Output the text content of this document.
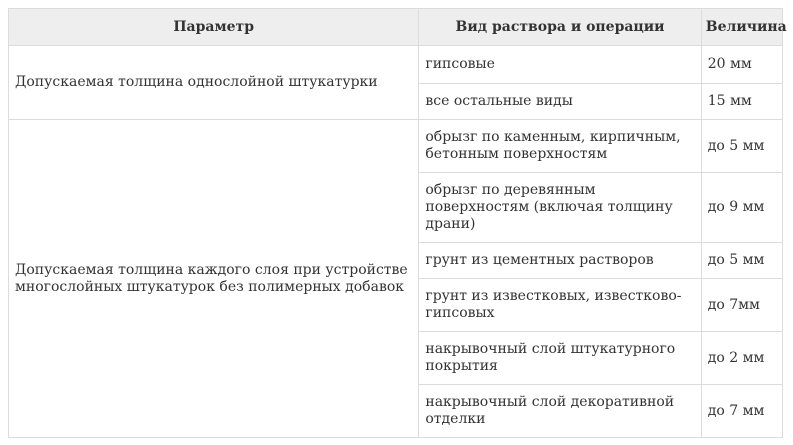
Параметр	Вид раствора и операции	Величина
Допускаемая толщина однослойной штукатурки	гипсовые	20 мм
	все остальные виды	15 мм
Допускаемая толщина каждого слоя при устройстве многослойных штукатурок без полимерных добавок	обрызг по каменным, кирпичным, бетонным поверхностям	до 5 мм
	обрызг по деревянным поверхностям (включая толщину драни)	до 9 мм
	грунт из цементных растворов	до 5 мм
	грунт из известковых, известково-гипсовых	до 7мм
	накрывочный слой штукатурного покрытия	до 2 мм
	накрывочный слой декоративной отделки	до 7 мм
